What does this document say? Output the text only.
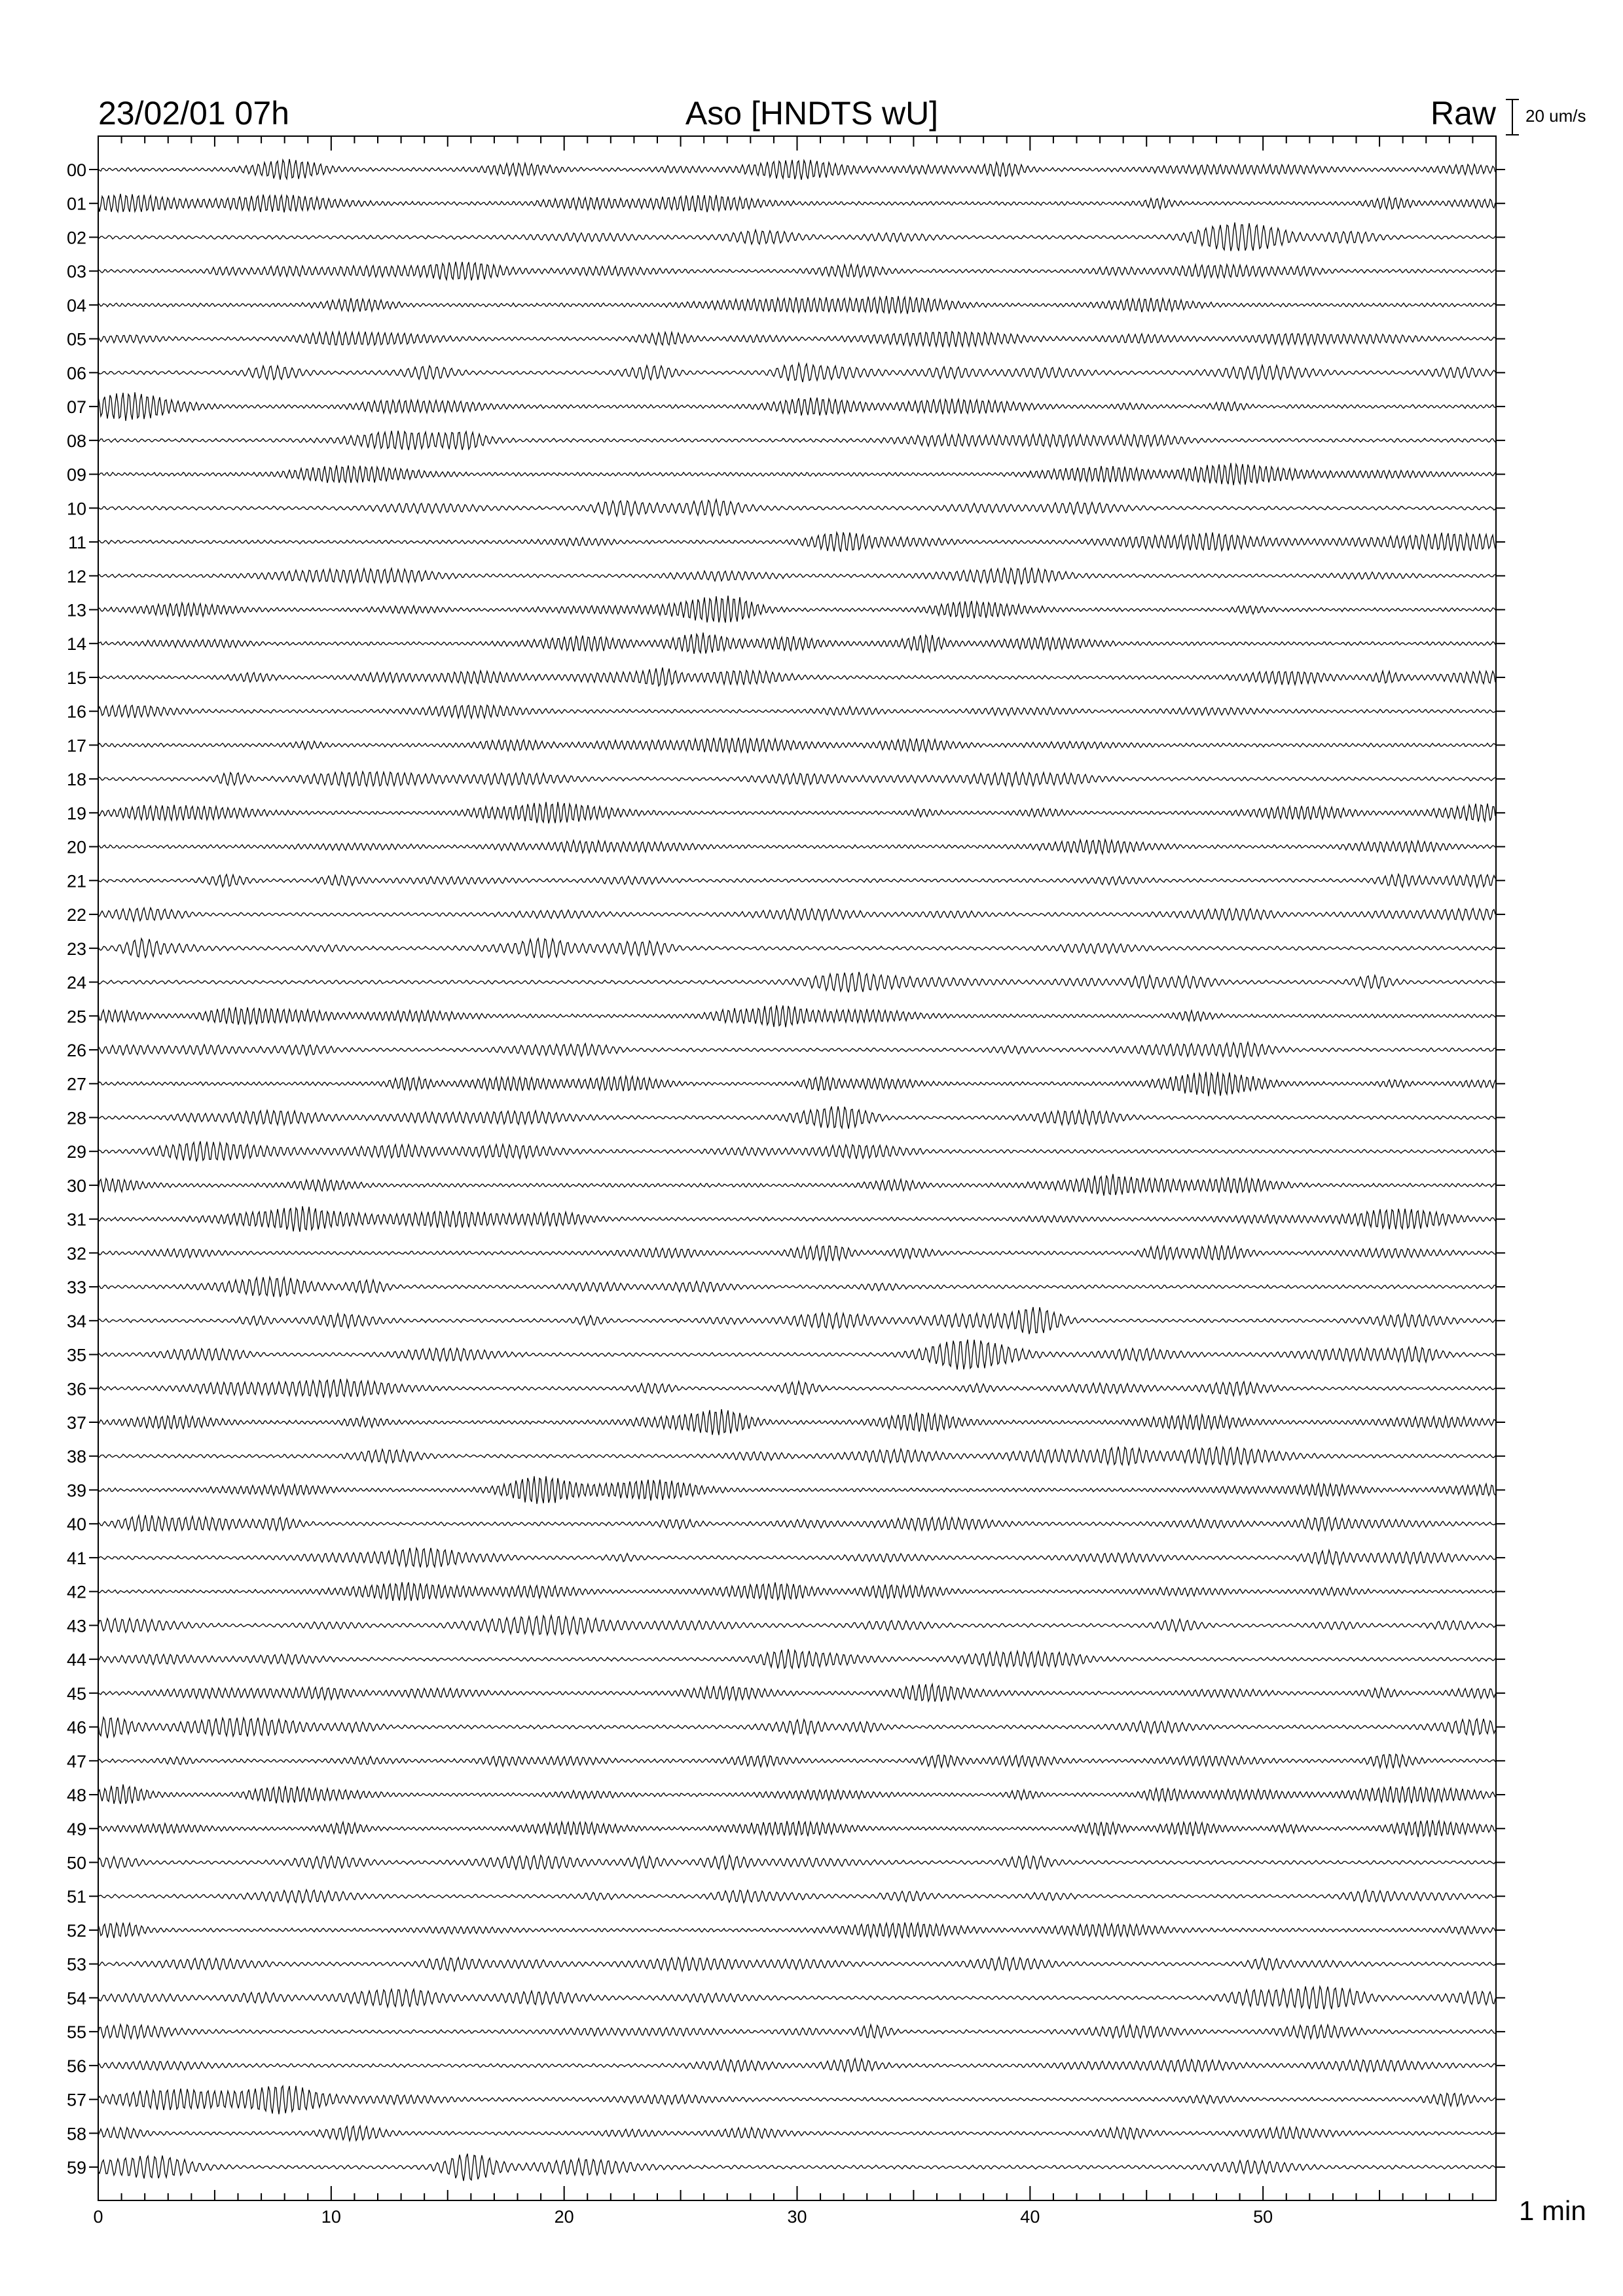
23/02/01 07h	Aso [HNDTS wU]	Raw 20 um/s
00
01
02
03
04
05
06
07
08
09
10
11
12
13
14
15
16
17
18
19
20
21
22
23
24
25
26
27
28
29
30
31
32
33
34
35
36
37
38
39
40
41
42
43
44
45
46
47
48
49
50
51
52
53
54
55
56
57
58
59
0	10	20	30	40	50	1 min
